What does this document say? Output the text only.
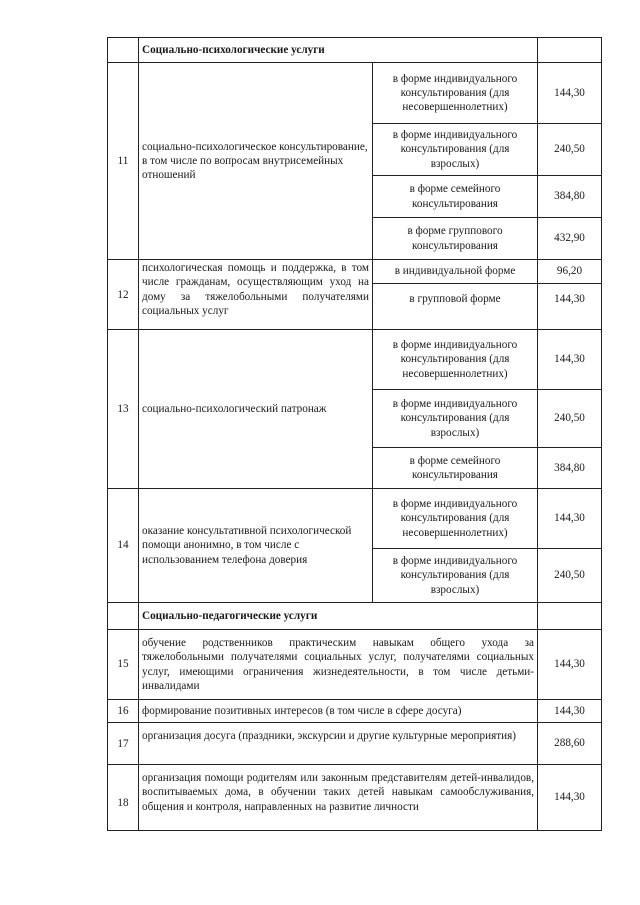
	Социально-психологические услуги		
11	социально-психологическое консультирование, в том числе по вопросам внутрисемейных отношений	в форме индивидуального консультирования (для несовершеннолетних)	144,30
		в форме индивидуального консультирования (для взрослых)	240,50
		в форме семейного консультирования	384,80
		в форме группового консультирования	432,90
12	психологическая помощь и поддержка, в том числе гражданам, осуществляющим уход на дому за тяжелобольными получателями социальных услуг	в индивидуальной форме	96,20
		в групповой форме	144,30
13	социально-психологический патронаж	в форме индивидуального консультирования (для несовершеннолетних)	144,30
		в форме индивидуального консультирования (для взрослых)	240,50
		в форме семейного консультирования	384,80
14	оказание консультативной психологической помощи анонимно, в том числе с использованием телефона доверия	в форме индивидуального консультирования (для несовершеннолетних)	144,30
		в форме индивидуального консультирования (для взрослых)	240,50
	Социально-педагогические услуги		
15	обучение родственников практическим навыкам общего ухода за тяжелобольными получателями социальных услуг, получателями социальных услуг, имеющими ограничения жизнедеятельности, в том числе детьми-инвалидами		144,30
16	формирование позитивных интересов (в том числе в сфере досуга)		144,30
17	организация досуга (праздники, экскурсии и другие культурные мероприятия)		288,60
18	организация помощи родителям или законным представителям детей-инвалидов, воспитываемых дома, в обучении таких детей навыкам самообслуживания, общения и контроля, направленных на развитие личности		144,30
